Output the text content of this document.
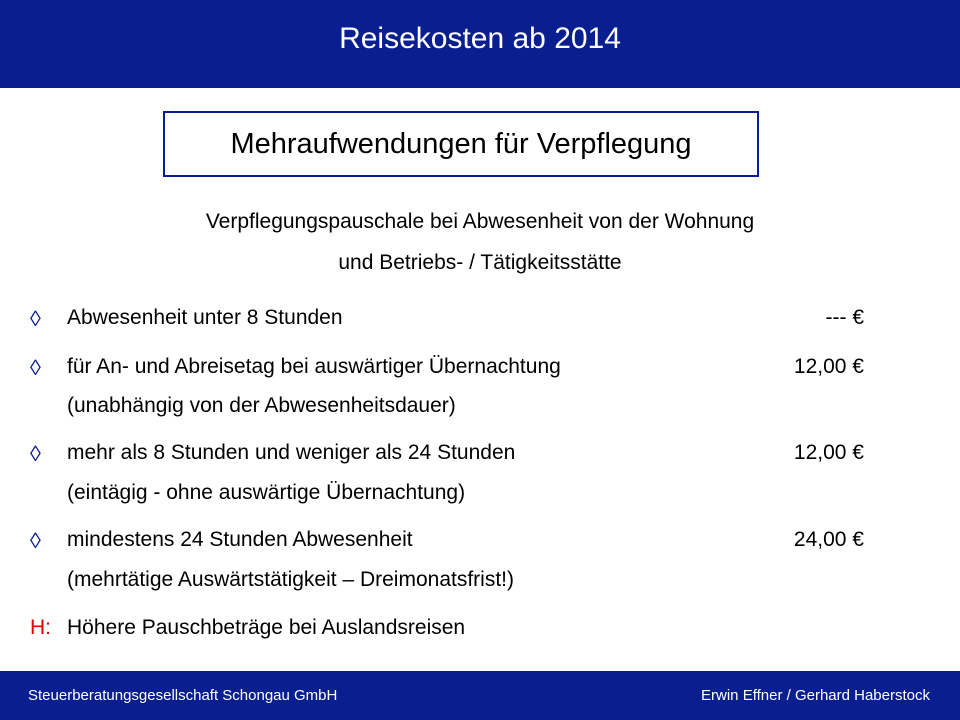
Reisekosten ab 2014
Mehraufwendungen für Verpflegung
Verpflegungspauschale bei Abwesenheit von der Wohnung
und Betriebs- / Tätigkeitsstätte
◊ Abwesenheit unter 8 Stunden	--- €
◊ für An- und Abreisetag bei auswärtiger Übernachtung	12,00 €
(unabhängig von der Abwesenheitsdauer)
◊ mehr als 8 Stunden und weniger als 24 Stunden	12,00 €
(eintägig - ohne auswärtige Übernachtung)
◊ mindestens 24 Stunden Abwesenheit	24,00 €
(mehrtätige Auswärtstätigkeit – Dreimonatsfrist!)
H: Höhere Pauschbeträge bei Auslandsreisen
Steuerberatungsgesellschaft Schongau GmbH	Erwin Effner / Gerhard Haberstock
